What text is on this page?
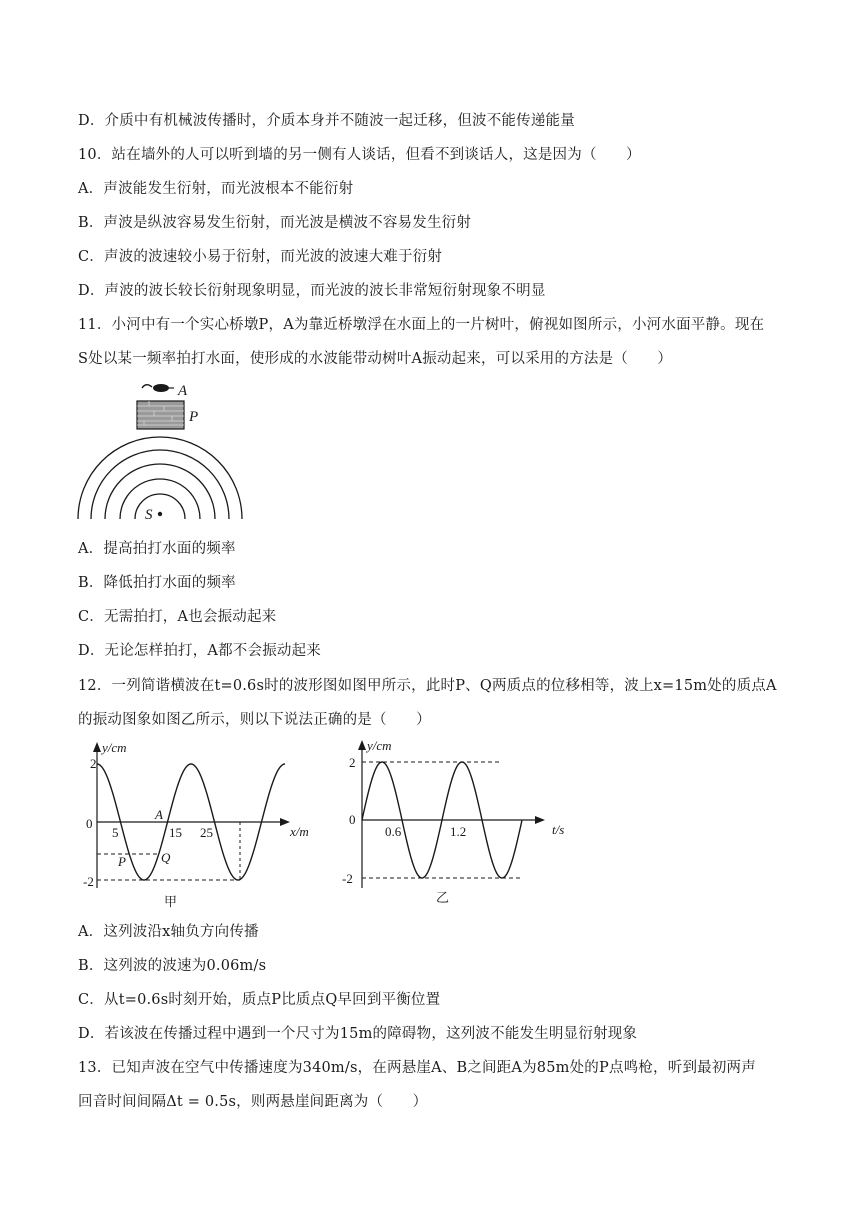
D．介质中有机械波传播时，介质本身并不随波一起迁移，但波不能传递能量
10．站在墙外的人可以听到墙的另一侧有人谈话，但看不到谈话人，这是因为（　　）
A．声波能发生衍射，而光波根本不能衍射
B．声波是纵波容易发生衍射，而光波是横波不容易发生衍射
C．声波的波速较小易于衍射，而光波的波速大难于衍射
D．声波的波长较长衍射现象明显，而光波的波长非常短衍射现象不明显
11．小河中有一个实心桥墩P，A为靠近桥墩浮在水面上的一片树叶，俯视如图所示，小河水面平静。现在
S处以某一频率拍打水面，使形成的水波能带动树叶A振动起来，可以采用的方法是（　　）
A
P
S
A．提高拍打水面的频率
B．降低拍打水面的频率
C．无需拍打，A也会振动起来
D．无论怎样拍打，A都不会振动起来
12．一列简谐横波在t=0.6s时的波形图如图甲所示，此时P、Q两质点的位移相等，波上x=15m处的质点A
的振动图象如图乙所示，则以下说法正确的是（　　）
y/cm
2
0
-2
5	15 25	x/m
A
P	Q
甲
y/cm
2
0
-2
0.6	1.2	t/s
乙
A．这列波沿x轴负方向传播
B．这列波的波速为0.06m/s
C．从t=0.6s时刻开始，质点P比质点Q早回到平衡位置
D．若该波在传播过程中遇到一个尺寸为15m的障碍物，这列波不能发生明显衍射现象
13．已知声波在空气中传播速度为340m/s，在两悬崖A、B之间距A为85m处的P点鸣枪，听到最初两声
回音时间间隔Δt = 0.5s，则两悬崖间距离为（　　）
